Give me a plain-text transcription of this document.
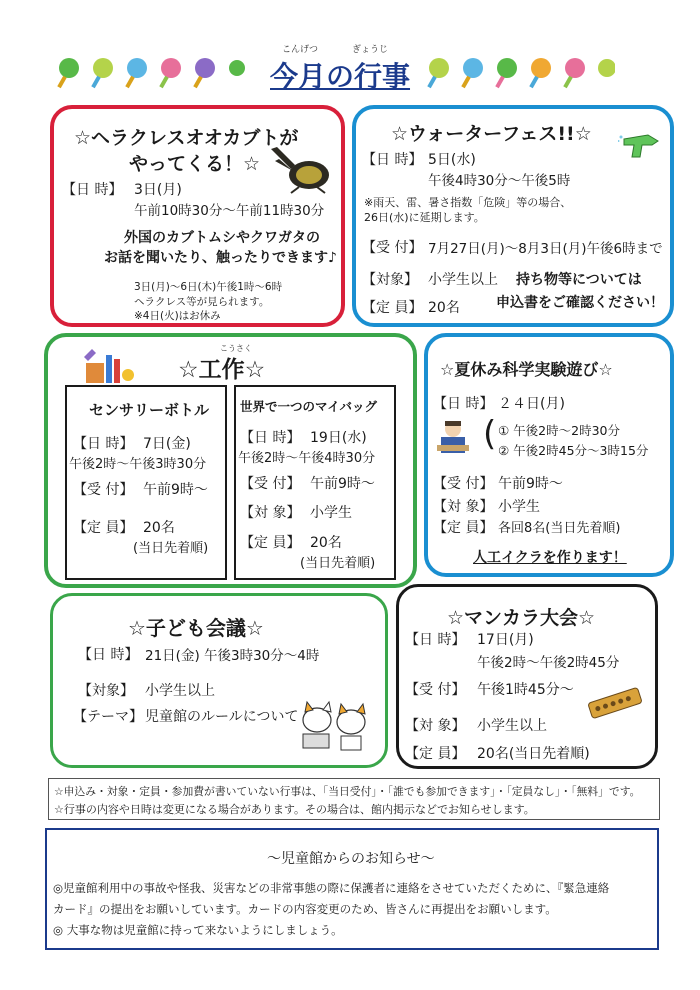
こんげつ	ぎょうじ
今月の行事
☆ヘラクレスオオカブトが
やってくる！☆
【日 時】 3日(月)
午前10時30分～午前11時30分
外国のカブトムシやクワガタの
お話を聞いたり、触ったりできます♪
3日(月)～6日(木)午後1時～6時
ヘラクレス等が見られます。
※4日(火)はお休み
☆ウォーターフェス!!☆
【日 時】 5日(水)
午後4時30分～午後5時
※雨天、雷、暑さ指数「危険」等の場合、
26日(水)に延期します。
【受 付】 7月27日(月)～8月3日(月)午後6時まで
【対象】 小学生以上 持ち物等については
申込書をご確認ください！
【定 員】 20名
こうさく
☆工作☆
センサリーボトル
【日 時】 7日(金)
午後2時～午後3時30分
【受 付】 午前9時～
【定 員】 20名
(当日先着順)
世界で一つのマイバッグ
【日 時】 19日(水)
午後2時～午後4時30分
【受 付】 午前9時～
【対 象】 小学生
【定 員】 20名
(当日先着順)
☆夏休み科学実験遊び☆
【日 時】 ２４日(月)
( ① 午後2時～2時30分
② 午後2時45分～3時15分
【受 付】 午前9時～
【対 象】 小学生
【定 員】 各回8名(当日先着順)
人工イクラを作ります！
☆子ども会議☆
【日 時】 21日(金) 午後3時30分～4時
【対象】 小学生以上
【テーマ】 児童館のルールについて
☆マンカラ大会☆
【日 時】 17日(月)
午後2時～午後2時45分
【受 付】 午後1時45分～
【対 象】 小学生以上
【定 員】 20名(当日先着順)
☆申込み・対象・定員・参加費が書いていない行事は、「当日受付」・「誰でも参加できます」・「定員なし」・「無料」です。
☆行事の内容や日時は変更になる場合があります。その場合は、館内掲示などでお知らせします。
～児童館からのお知らせ～
◎児童館利用中の事故や怪我、災害などの非常事態の際に保護者に連絡をさせていただくために、『緊急連絡
カード』の提出をお願いしています。カードの内容変更のため、皆さんに再提出をお願いします。
◎ 大事な物は児童館に持って来ないようにしましょう。
